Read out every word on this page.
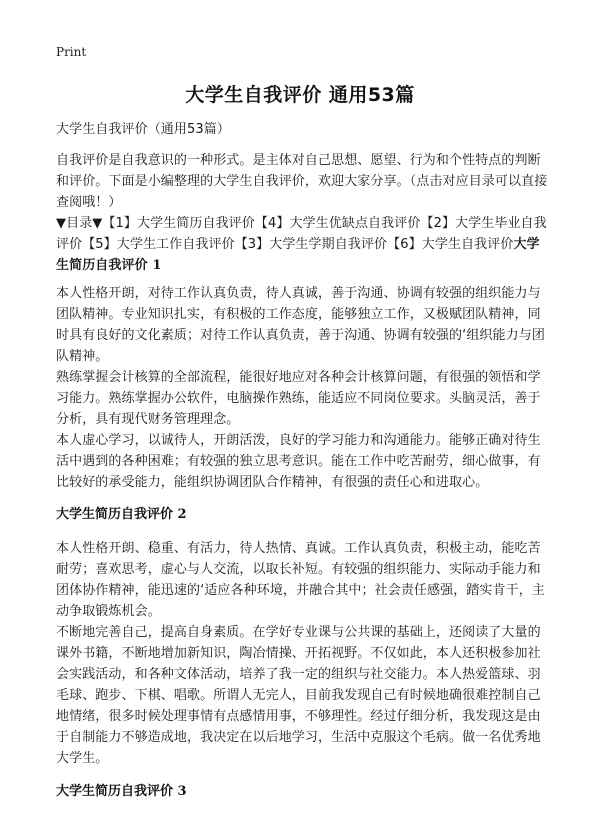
Print
大学生自我评价 通用53篇
大学生自我评价（通用53篇）
自我评价是自我意识的一种形式。是主体对自己思想、愿望、行为和个性特点的判断和评价。下面是小编整理的大学生自我评价，欢迎大家分享。（点击对应目录可以直接查阅哦！）
▼目录▼【1】大学生简历自我评价【4】大学生优缺点自我评价【2】大学生毕业自我评价【5】大学生工作自我评价【3】大学生学期自我评价【6】大学生自我评价大学生简历自我评价 1
本人性格开朗，对待工作认真负责，待人真诚，善于沟通、协调有较强的组织能力与团队精神。专业知识扎实，有积极的工作态度，能够独立工作，又极赋团队精神，同时具有良好的文化素质；对待工作认真负责，善于沟通、协调有较强的‘组织能力与团队精神。
熟练掌握会计核算的全部流程，能很好地应对各种会计核算问题，有很强的领悟和学习能力。熟练掌握办公软件，电脑操作熟练，能适应不同岗位要求。头脑灵活，善于分析，具有现代财务管理理念。
本人虚心学习，以诚待人，开朗活泼，良好的学习能力和沟通能力。能够正确对待生活中遇到的各种困难；有较强的独立思考意识。能在工作中吃苦耐劳，细心做事，有比较好的承受能力，能组织协调团队合作精神，有很强的责任心和进取心。
大学生简历自我评价 2
本人性格开朗、稳重、有活力，待人热情、真诚。工作认真负责，积极主动，能吃苦耐劳；喜欢思考，虚心与人交流，以取长补短。有较强的组织能力、实际动手能力和团体协作精神，能迅速的‘适应各种环境，并融合其中；社会责任感强，踏实肯干，主动争取锻炼机会。
不断地完善自己，提高自身素质。在学好专业课与公共课的基础上，还阅读了大量的课外书籍，不断地增加新知识，陶冶情操、开拓视野。不仅如此，本人还积极参加社会实践活动，和各种文体活动，培养了我一定的组织与社交能力。本人热爱篮球、羽毛球、跑步、下棋、唱歌。所谓人无完人，目前我发现自己有时候地确很难控制自己地情绪，很多时候处理事情有点感情用事，不够理性。经过仔细分析，我发现这是由于自制能力不够造成地，我决定在以后地学习，生活中克服这个毛病。做一名优秀地大学生。
大学生简历自我评价 3
